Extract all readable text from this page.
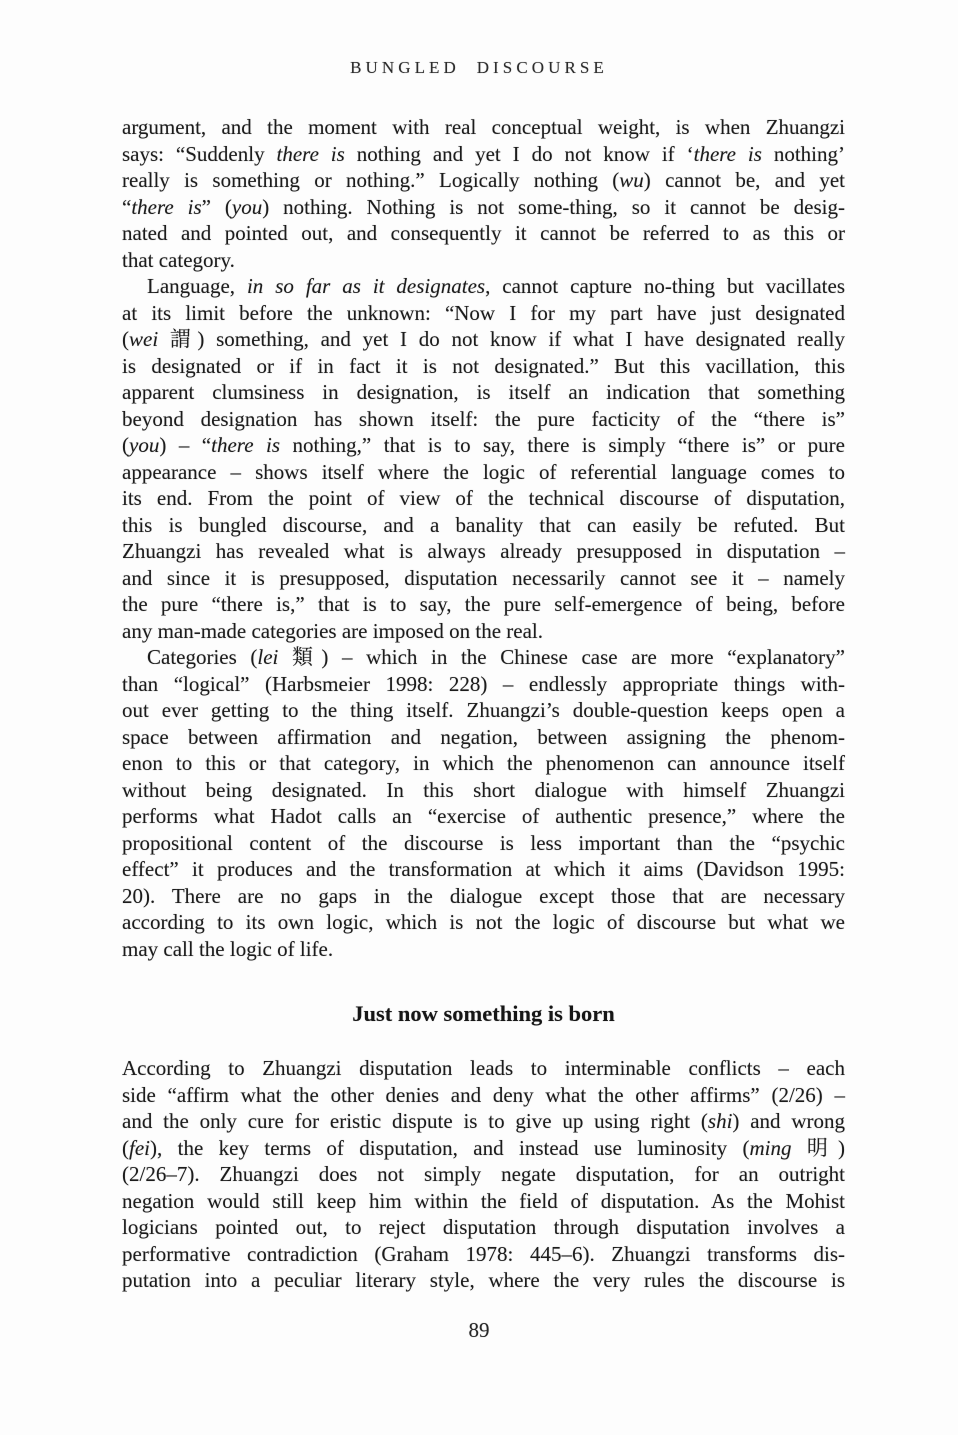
BUNGLED DISCOURSE
argument, and the moment with real conceptual weight, is when Zhuangzi
says: “Suddenly there is nothing and yet I do not know if ‘there is nothing’
really is something or nothing.” Logically nothing (wu) cannot be, and yet
“there is” (you) nothing. Nothing is not some-thing, so it cannot be desig-
nated and pointed out, and consequently it cannot be referred to as this or
that category.
Language, in so far as it designates, cannot capture no-thing but vacillates
at its limit before the unknown: “Now I for my part have just designated
(wei 謂) something, and yet I do not know if what I have designated really
is designated or if in fact it is not designated.” But this vacillation, this
apparent clumsiness in designation, is itself an indication that something
beyond designation has shown itself: the pure facticity of the “there is”
(you) – “there is nothing,” that is to say, there is simply “there is” or pure
appearance – shows itself where the logic of referential language comes to
its end. From the point of view of the technical discourse of disputation,
this is bungled discourse, and a banality that can easily be refuted. But
Zhuangzi has revealed what is always already presupposed in disputation –
and since it is presupposed, disputation necessarily cannot see it – namely
the pure “there is,” that is to say, the pure self-emergence of being, before
any man-made categories are imposed on the real.
Categories (lei 類) – which in the Chinese case are more “explanatory”
than “logical” (Harbsmeier 1998: 228) – endlessly appropriate things with-
out ever getting to the thing itself. Zhuangzi’s double-question keeps open a
space between affirmation and negation, between assigning the phenom-
enon to this or that category, in which the phenomenon can announce itself
without being designated. In this short dialogue with himself Zhuangzi
performs what Hadot calls an “exercise of authentic presence,” where the
propositional content of the discourse is less important than the “psychic
effect” it produces and the transformation at which it aims (Davidson 1995:
20). There are no gaps in the dialogue except those that are necessary
according to its own logic, which is not the logic of discourse but what we
may call the logic of life.
Just now something is born
According to Zhuangzi disputation leads to interminable conflicts – each
side “affirm what the other denies and deny what the other affirms” (2/26) –
and the only cure for eristic dispute is to give up using right (shi) and wrong
(fei), the key terms of disputation, and instead use luminosity (ming 明)
(2/26–7). Zhuangzi does not simply negate disputation, for an outright
negation would still keep him within the field of disputation. As the Mohist
logicians pointed out, to reject disputation through disputation involves a
performative contradiction (Graham 1978: 445–6). Zhuangzi transforms dis-
putation into a peculiar literary style, where the very rules the discourse is
89
